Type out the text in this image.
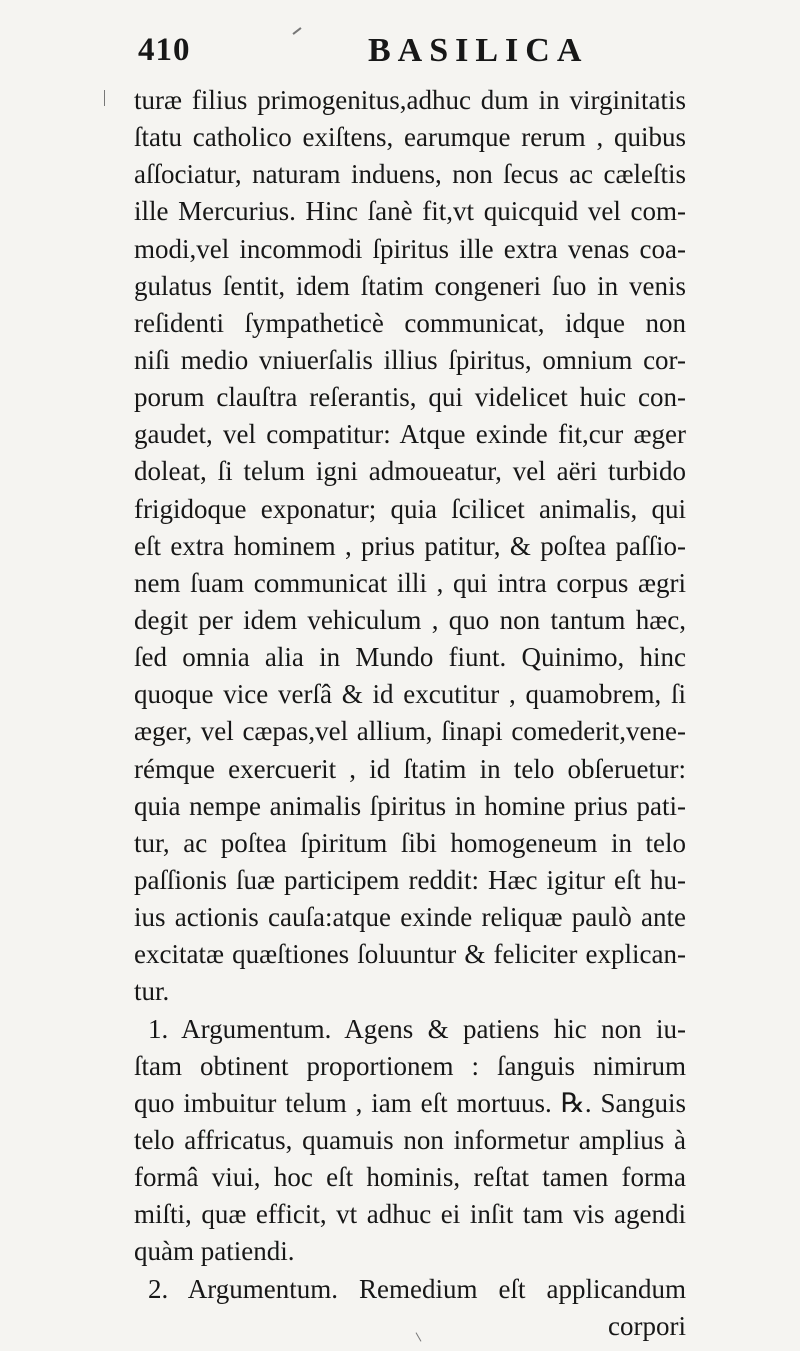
410	BASILICA
turæ filius primogenitus,adhuc dum in virginitatis
ſtatu catholico exiſtens, earumque rerum , quibus
aſſociatur, naturam induens, non ſecus ac cæleſtis
ille Mercurius. Hinc ſanè fit,vt quicquid vel com-
modi,vel incommodi ſpiritus ille extra venas coa-
gulatus ſentit, idem ſtatim congeneri ſuo in venis
reſidenti ſympatheticè communicat, idque non
niſi medio vniuerſalis illius ſpiritus, omnium cor-
porum clauſtra reſerantis, qui videlicet huic con-
gaudet, vel compatitur: Atque exinde fit,cur æger
doleat, ſi telum igni admoueatur, vel aëri turbido
frigidoque exponatur; quia ſcilicet animalis, qui
eſt extra hominem , prius patitur, & poſtea paſſio-
nem ſuam communicat illi , qui intra corpus ægri
degit per idem vehiculum , quo non tantum hæc,
ſed omnia alia in Mundo fiunt. Quinimo, hinc
quoque vice verſâ & id excutitur , quamobrem, ſi
æger, vel cæpas,vel allium, ſinapi comederit,vene-
rémque exercuerit , id ſtatim in telo obſeruetur:
quia nempe animalis ſpiritus in homine prius pati-
tur, ac poſtea ſpiritum ſibi homogeneum in telo
paſſionis ſuæ participem reddit: Hæc igitur eſt hu-
ius actionis cauſa:atque exinde reliquæ paulò ante
excitatæ quæſtiones ſoluuntur & feliciter explican-
tur.
1. Argumentum. Agens & patiens hic non iu-
ſtam obtinent proportionem : ſanguis nimirum
quo imbuitur telum , iam eſt mortuus. ℞. Sanguis
telo affricatus, quamuis non informetur amplius à
formâ viui, hoc eſt hominis, reſtat tamen forma
miſti, quæ efficit, vt adhuc ei inſit tam vis agendi
quàm patiendi.
2. Argumentum. Remedium eſt applicandum
corpori
